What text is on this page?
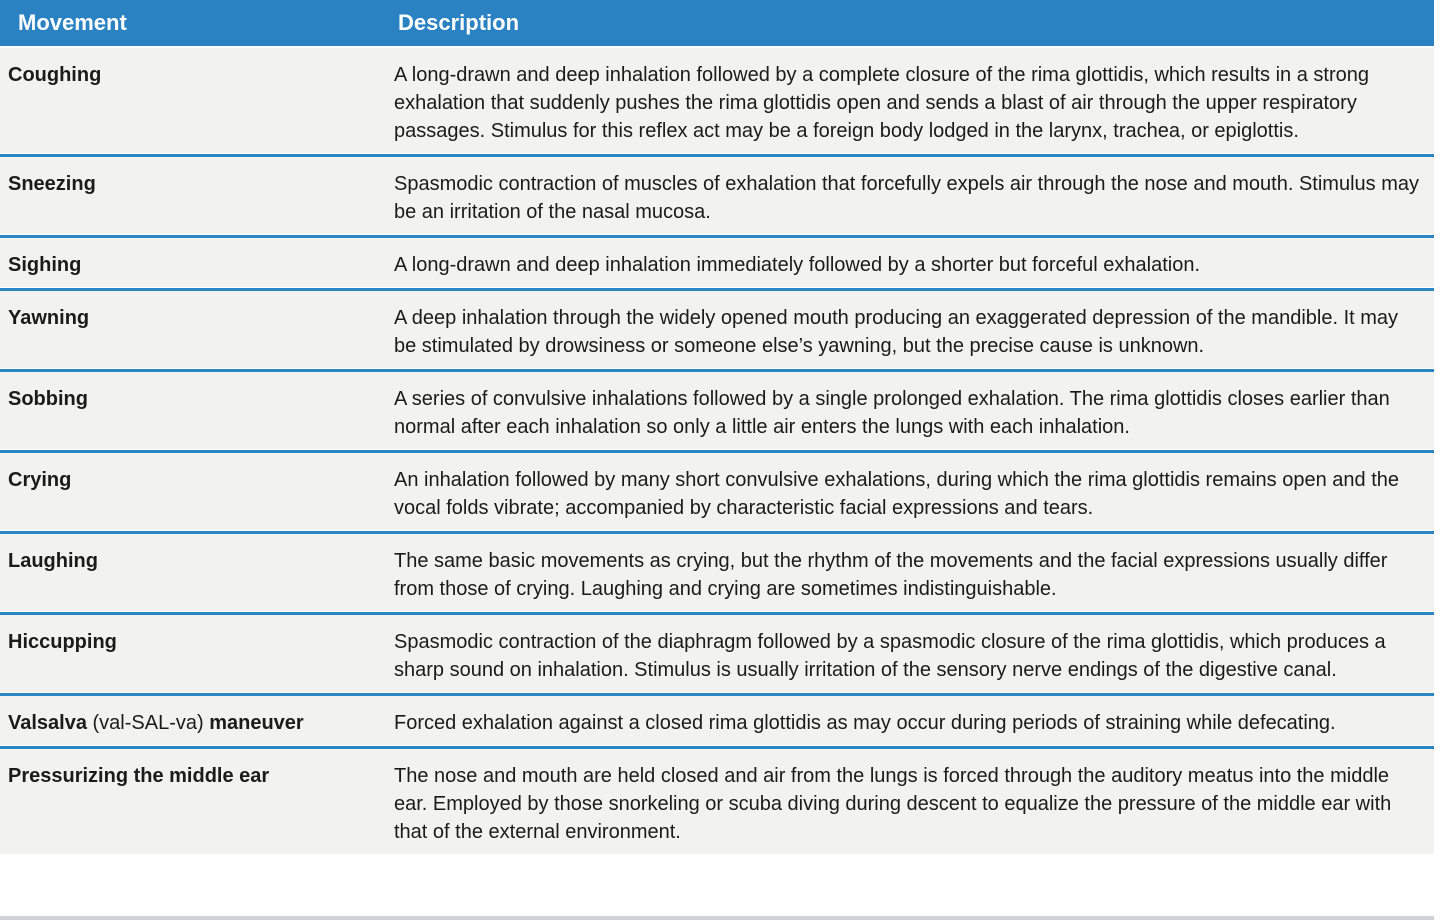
Movement	Description
Coughing	A long-drawn and deep inhalation followed by a complete closure of the rima glottidis, which results in a strong exhalation that suddenly pushes the rima glottidis open and sends a blast of air through the upper respiratory passages. Stimulus for this reflex act may be a foreign body lodged in the larynx, trachea, or epiglottis.
Sneezing	Spasmodic contraction of muscles of exhalation that forcefully expels air through the nose and mouth. Stimulus may be an irritation of the nasal mucosa.
Sighing	A long-drawn and deep inhalation immediately followed by a shorter but forceful exhalation.
Yawning	A deep inhalation through the widely opened mouth producing an exaggerated depression of the mandible. It may be stimulated by drowsiness or someone else’s yawning, but the precise cause is unknown.
Sobbing	A series of convulsive inhalations followed by a single prolonged exhalation. The rima glottidis closes earlier than normal after each inhalation so only a little air enters the lungs with each inhalation.
Crying	An inhalation followed by many short convulsive exhalations, during which the rima glottidis remains open and the vocal folds vibrate; accompanied by characteristic facial expressions and tears.
Laughing	The same basic movements as crying, but the rhythm of the movements and the facial expressions usually differ from those of crying. Laughing and crying are sometimes indistinguishable.
Hiccupping	Spasmodic contraction of the diaphragm followed by a spasmodic closure of the rima glottidis, which produces a sharp sound on inhalation. Stimulus is usually irritation of the sensory nerve endings of the digestive canal.
Valsalva (val-SAL-va) maneuver	Forced exhalation against a closed rima glottidis as may occur during periods of straining while defecating.
Pressurizing the middle ear	The nose and mouth are held closed and air from the lungs is forced through the auditory meatus into the middle ear. Employed by those snorkeling or scuba diving during descent to equalize the pressure of the middle ear with that of the external environment.
